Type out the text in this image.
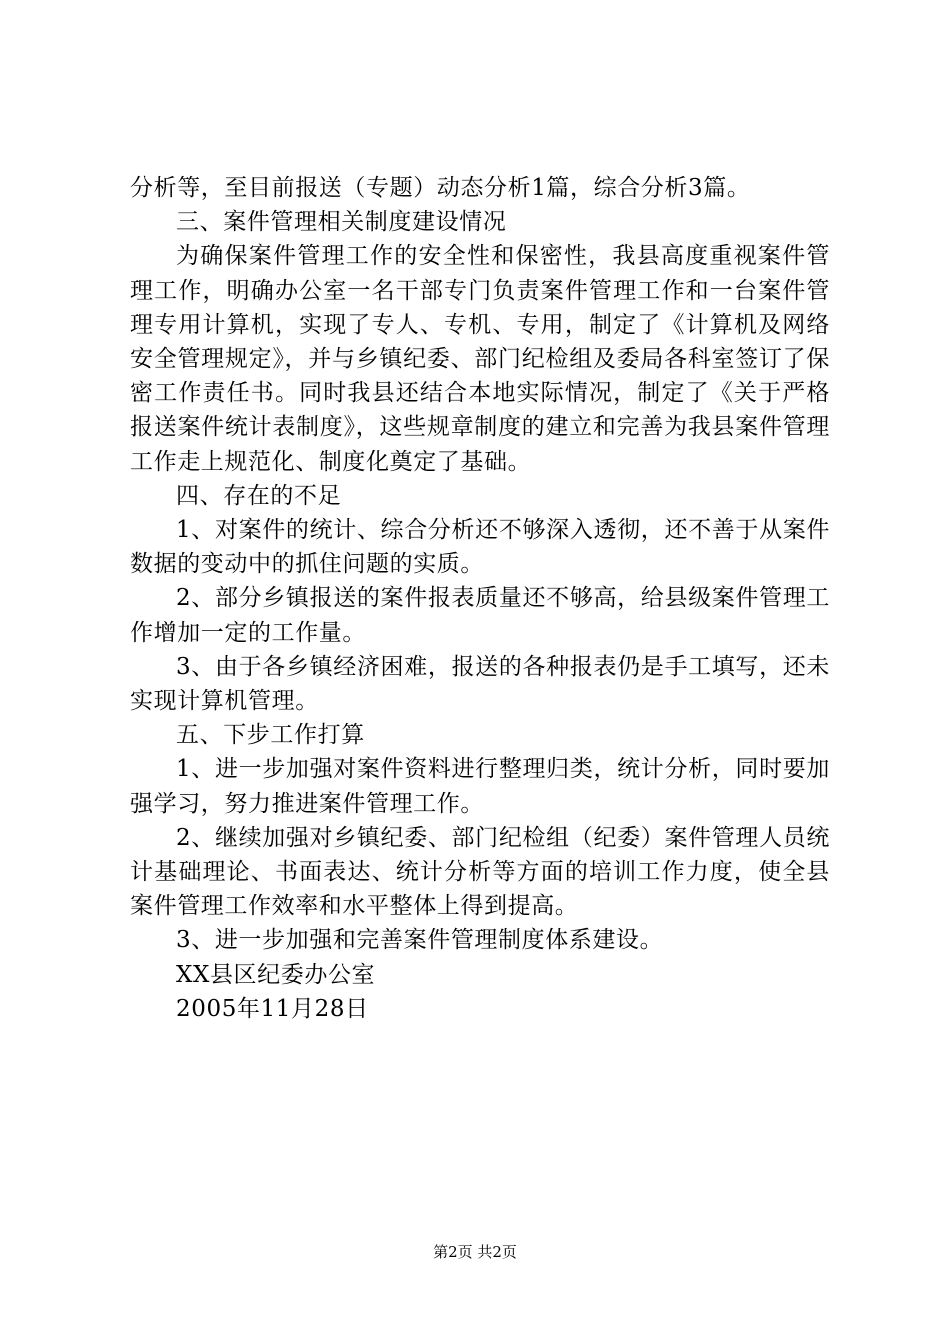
分析等，至目前报送（专题）动态分析1篇，综合分析3篇。

三、案件管理相关制度建设情况

为确保案件管理工作的安全性和保密性，我县高度重视案件管理工作，明确办公室一名干部专门负责案件管理工作和一台案件管理专用计算机，实现了专人、专机、专用，制定了《计算机及网络安全管理规定》，并与乡镇纪委、部门纪检组及委局各科室签订了保密工作责任书。同时我县还结合本地实际情况，制定了《关于严格报送案件统计表制度》，这些规章制度的建立和完善为我县案件管理工作走上规范化、制度化奠定了基础。

四、存在的不足

1、对案件的统计、综合分析还不够深入透彻，还不善于从案件数据的变动中的抓住问题的实质。

2、部分乡镇报送的案件报表质量还不够高，给县级案件管理工作增加一定的工作量。

3、由于各乡镇经济困难，报送的各种报表仍是手工填写，还未实现计算机管理。

五、下步工作打算

1、进一步加强对案件资料进行整理归类，统计分析，同时要加强学习，努力推进案件管理工作。

2、继续加强对乡镇纪委、部门纪检组（纪委）案件管理人员统计基础理论、书面表达、统计分析等方面的培训工作力度，使全县案件管理工作效率和水平整体上得到提高。

3、进一步加强和完善案件管理制度体系建设。

XX县区纪委办公室

2005年11月28日

第2页 共2页
